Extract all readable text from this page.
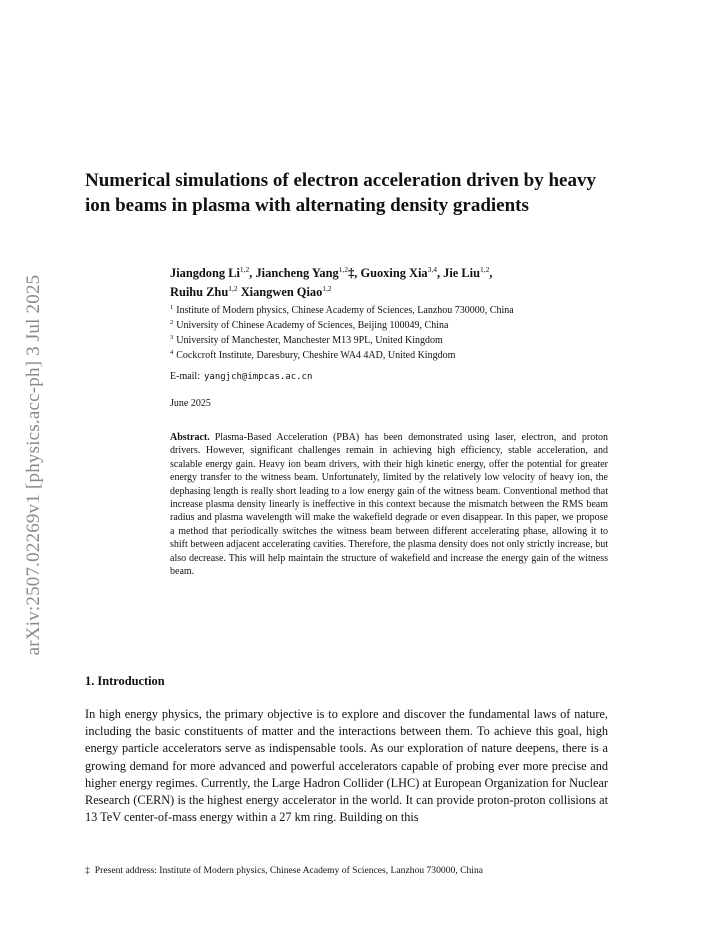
arXiv:2507.02269v1 [physics.acc-ph] 3 Jul 2025
Numerical simulations of electron acceleration driven by heavy ion beams in plasma with alternating density gradients
Jiangdong Li$^{1,2}$, Jiancheng Yang$^{1,2}$‡, Guoxing Xia$^{3,4}$, Jie Liu$^{1,2}$,
Ruihu Zhu$^{1,2}$ Xiangwen Qiao$^{1,2}$
$^1$ Institute of Modern physics, Chinese Academy of Sciences, Lanzhou 730000, China
$^2$ University of Chinese Academy of Sciences, Beijing 100049, China
$^3$ University of Manchester, Manchester M13 9PL, United Kingdom
$^4$ Cockcroft Institute, Daresbury, Cheshire WA4 4AD, United Kingdom
E-mail: yangjch@impcas.ac.cn
June 2025
Abstract. Plasma-Based Acceleration (PBA) has been demonstrated using laser, electron, and proton drivers. However, significant challenges remain in achieving high efficiency, stable acceleration, and scalable energy gain. Heavy ion beam drivers, with their high kinetic energy, offer the potential for greater energy transfer to the witness beam. Unfortunately, limited by the relatively low velocity of heavy ion, the dephasing length is really short leading to a low energy gain of the witness beam. Conventional method that increase plasma density linearly is ineffective in this context because the mismatch between the RMS beam radius and plasma wavelength will make the wakefield degrade or even disappear. In this paper, we propose a method that periodically switches the witness beam between different accelerating phase, allowing it to shift between adjacent accelerating cavities. Therefore, the plasma density does not only strictly increase, but also decrease. This will help maintain the structure of wakefield and increase the energy gain of the witness beam.
1. Introduction
In high energy physics, the primary objective is to explore and discover the fundamental laws of nature, including the basic constituents of matter and the interactions between them. To achieve this goal, high energy particle accelerators serve as indispensable tools. As our exploration of nature deepens, there is a growing demand for more advanced and powerful accelerators capable of probing ever more precise and higher energy regimes. Currently, the Large Hadron Collider (LHC) at European Organization for Nuclear Research (CERN) is the highest energy accelerator in the world. It can provide proton-proton collisions at 13 TeV center-of-mass energy within a 27 km ring. Building on this
‡ Present address: Institute of Modern physics, Chinese Academy of Sciences, Lanzhou 730000, China
